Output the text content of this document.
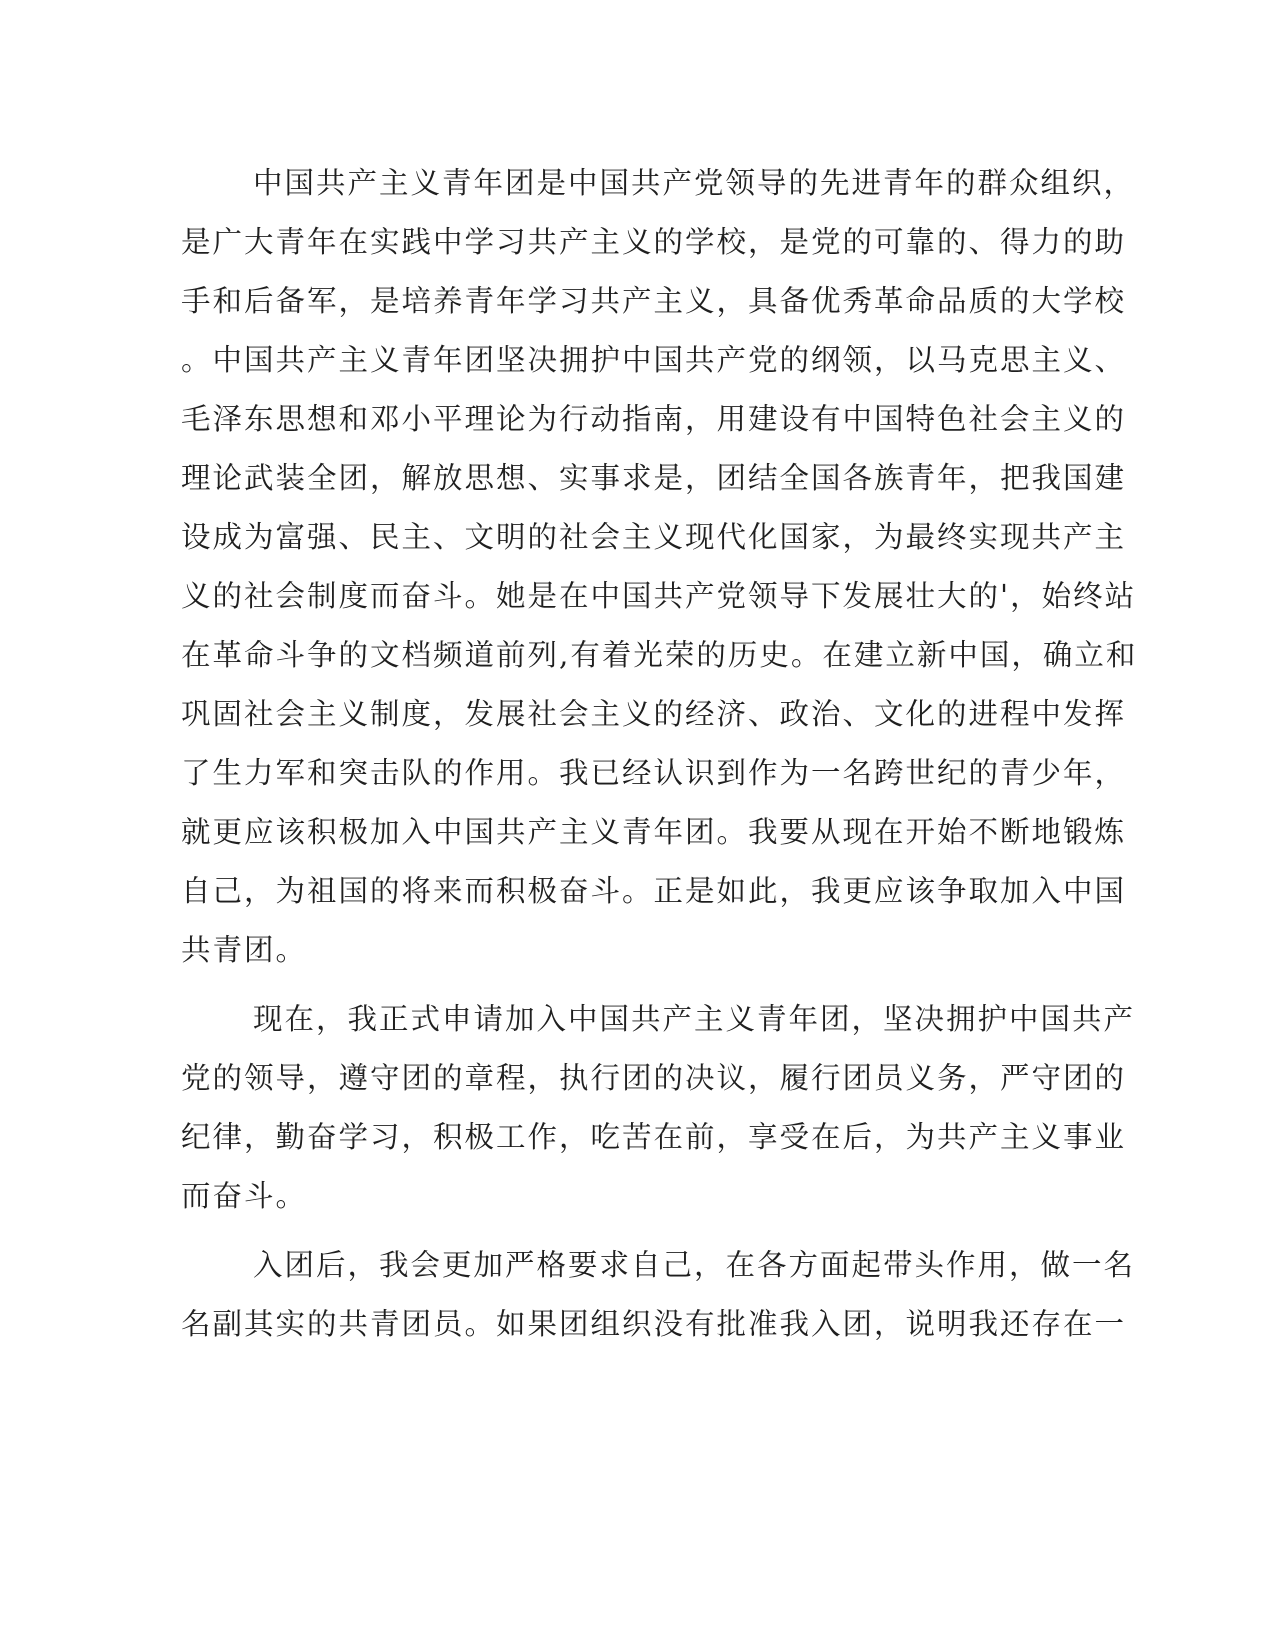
中国共产主义青年团是中国共产党领导的先进青年的群众组织，
是广大青年在实践中学习共产主义的学校，是党的可靠的、得力的助
手和后备军，是培养青年学习共产主义，具备优秀革命品质的大学校
。中国共产主义青年团坚决拥护中国共产党的纲领，以马克思主义、
毛泽东思想和邓小平理论为行动指南，用建设有中国特色社会主义的
理论武装全团，解放思想、实事求是，团结全国各族青年，把我国建
设成为富强、民主、文明的社会主义现代化国家，为最终实现共产主
义的社会制度而奋斗。她是在中国共产党领导下发展壮大的'，始终站
在革命斗争的文档频道前列,有着光荣的历史。在建立新中国，确立和
巩固社会主义制度，发展社会主义的经济、政治、文化的进程中发挥
了生力军和突击队的作用。我已经认识到作为一名跨世纪的青少年，
就更应该积极加入中国共产主义青年团。我要从现在开始不断地锻炼
自己，为祖国的将来而积极奋斗。正是如此，我更应该争取加入中国
共青团。
现在，我正式申请加入中国共产主义青年团，坚决拥护中国共产
党的领导，遵守团的章程，执行团的决议，履行团员义务，严守团的
纪律，勤奋学习，积极工作，吃苦在前，享受在后，为共产主义事业
而奋斗。
入团后，我会更加严格要求自己，在各方面起带头作用，做一名
名副其实的共青团员。如果团组织没有批准我入团，说明我还存在一
